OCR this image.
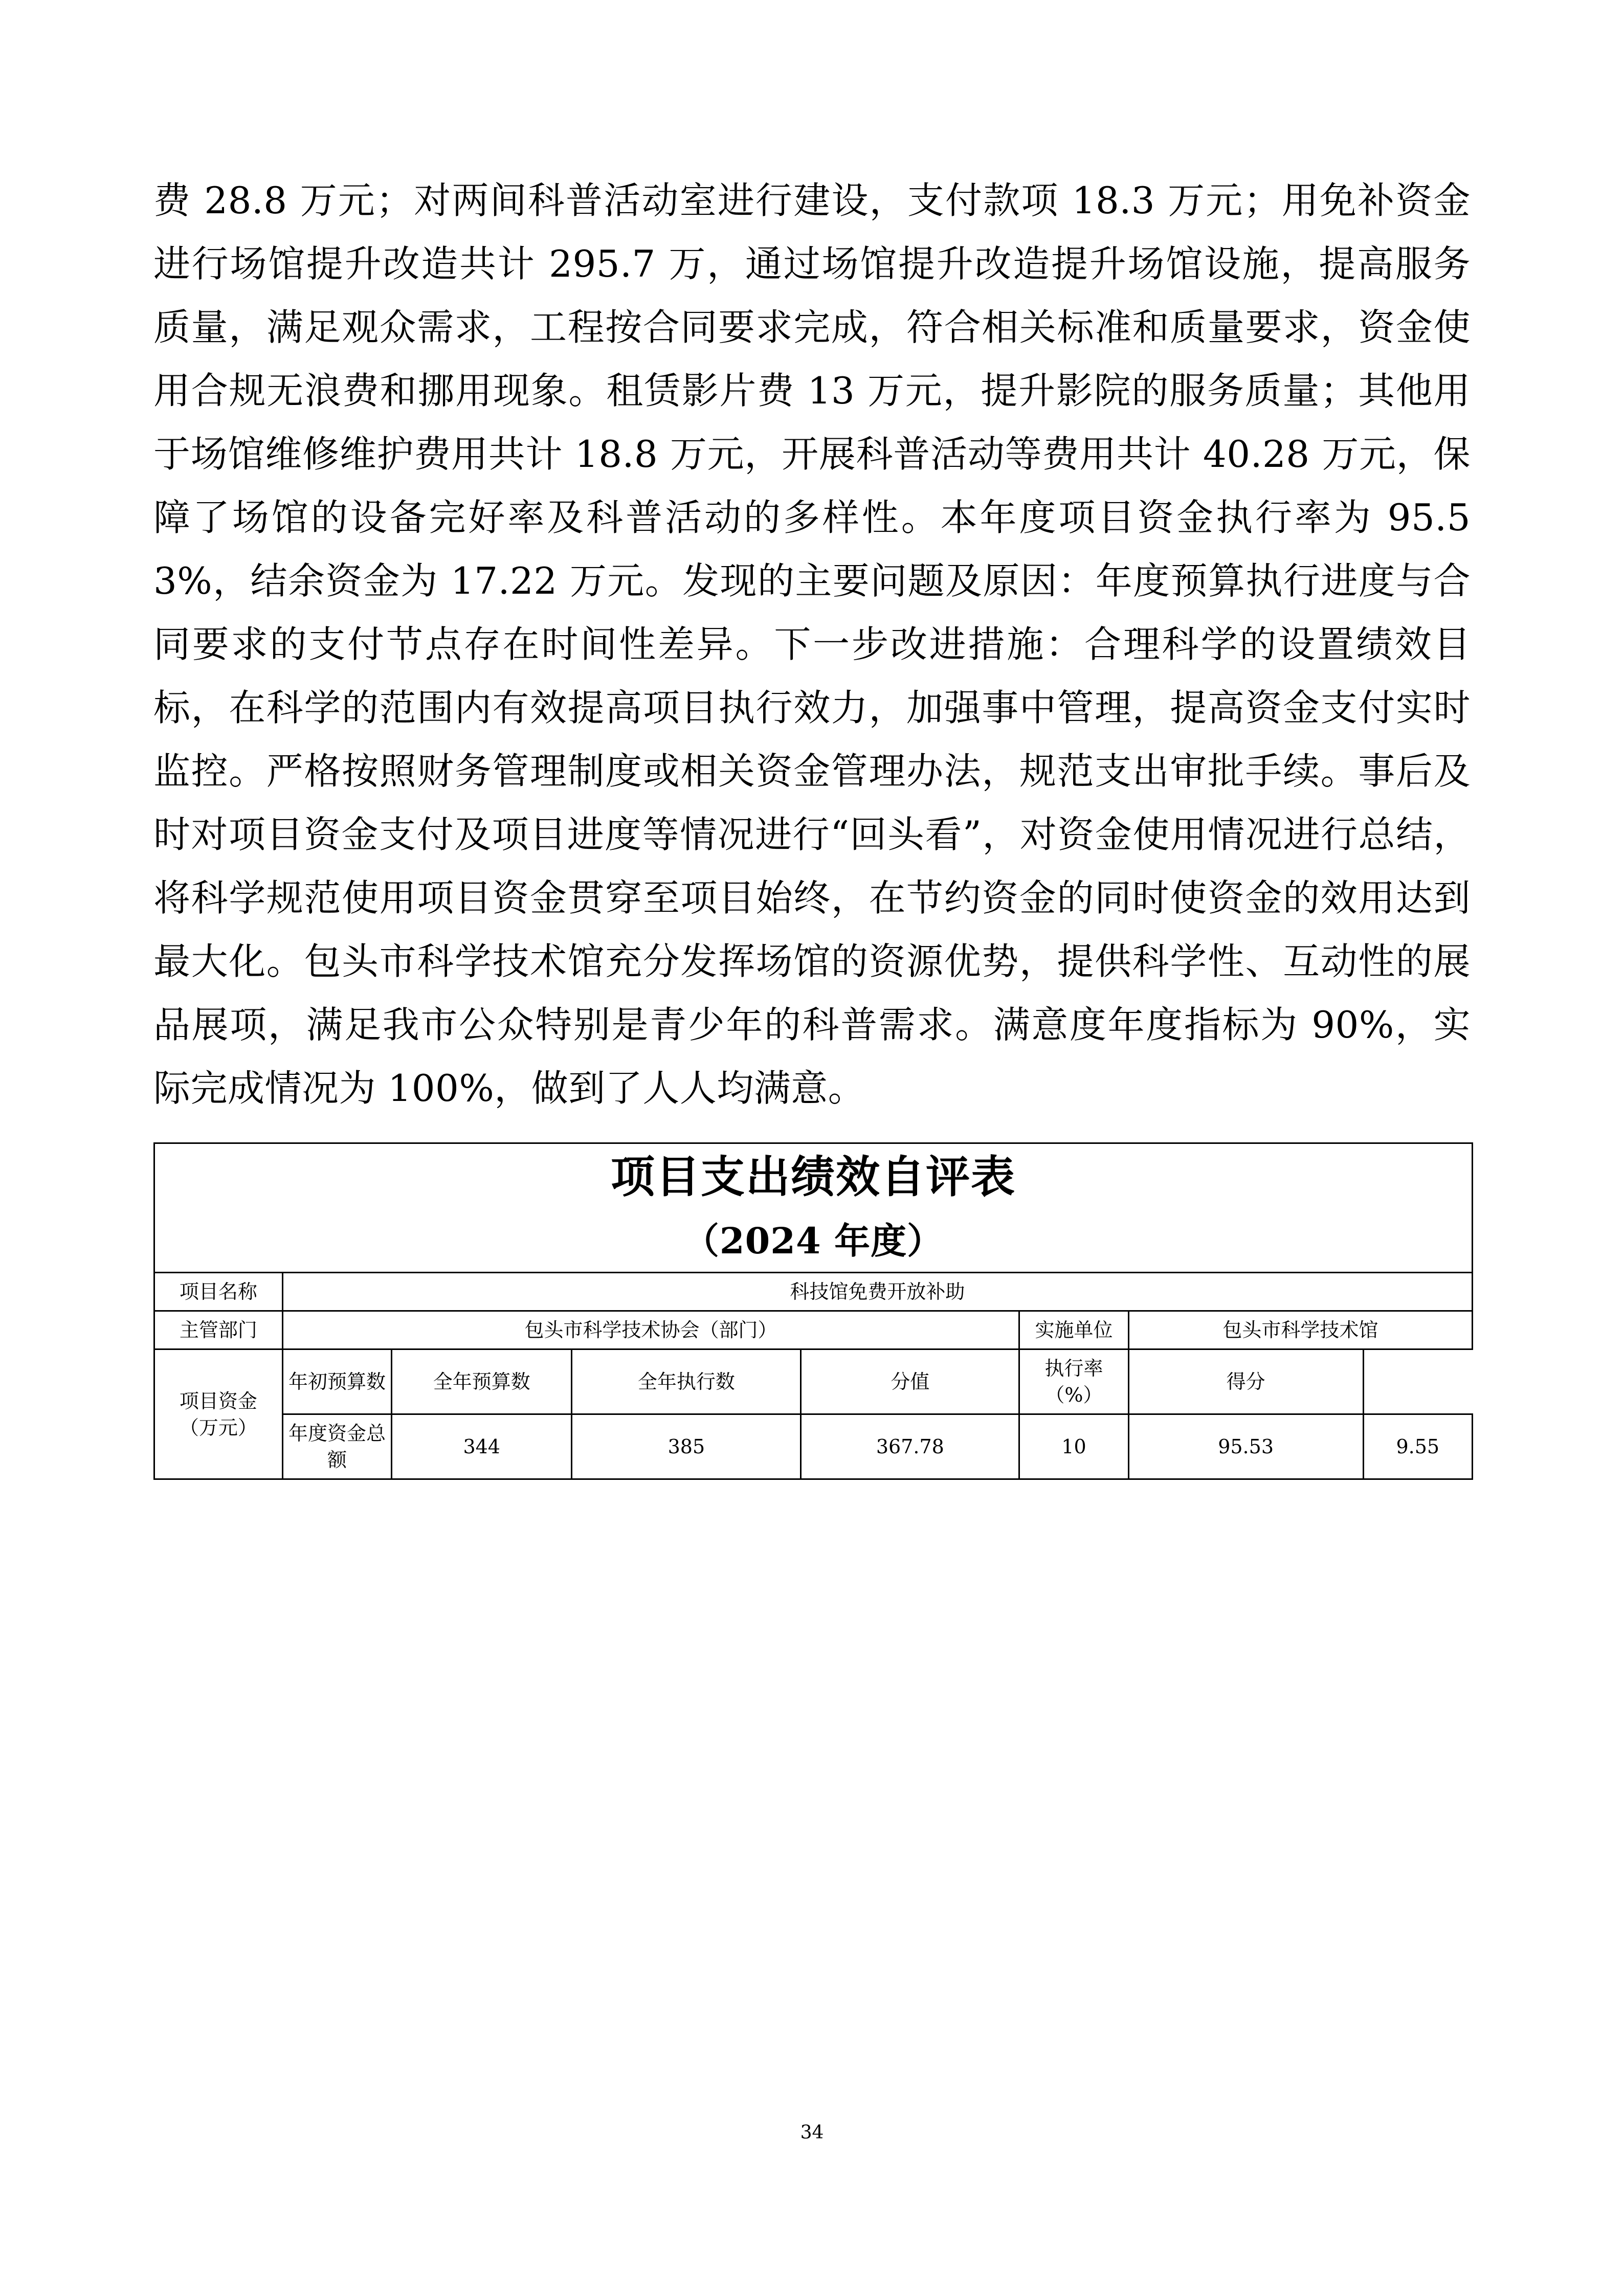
费 28.8 万元；对两间科普活动室进行建设，支付款项 18.3 万元；用免补资金进行场馆提升改造共计 295.7 万，通过场馆提升改造提升场馆设施，提高服务质量，满足观众需求，工程按合同要求完成，符合相关标准和质量要求，资金使用合规无浪费和挪用现象。租赁影片费 13 万元，提升影院的服务质量；其他用于场馆维修维护费用共计 18.8 万元，开展科普活动等费用共计 40.28 万元，保障了场馆的设备完好率及科普活动的多样性。本年度项目资金执行率为 95.53%，结余资金为 17.22 万元。发现的主要问题及原因：年度预算执行进度与合同要求的支付节点存在时间性差异。下一步改进措施：合理科学的设置绩效目标，在科学的范围内有效提高项目执行效力，加强事中管理，提高资金支付实时监控。严格按照财务管理制度或相关资金管理办法，规范支出审批手续。事后及时对项目资金支付及项目进度等情况进行“回头看”，对资金使用情况进行总结，将科学规范使用项目资金贯穿至项目始终，在节约资金的同时使资金的效用达到最大化。包头市科学技术馆充分发挥场馆的资源优势，提供科学性、互动性的展品展项，满足我市公众特别是青少年的科普需求。满意度年度指标为 90%，实际完成情况为 100%，做到了人人均满意。
项目支出绩效自评表							

（2024 年度）							

项目名称	科技馆免费开放补助						
主管部门	包头市科学技术协会（部门）				实施单位	包头市科学技术馆	

项目资金
（万元）	年初预算数	全年预算数	全年执行数	分值	执行率（%）	得分
	年度资金总额	344	385	367.78	10	95.53	9.55
34
